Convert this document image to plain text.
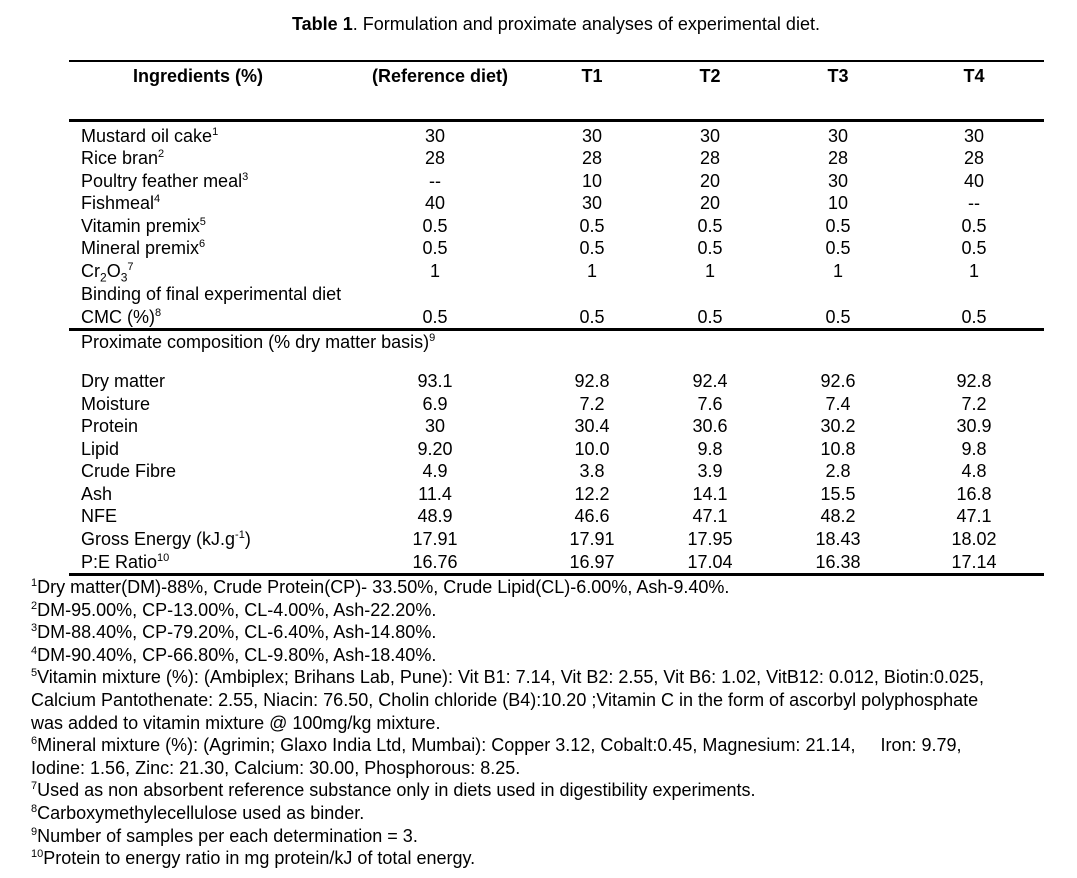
Table 1. Formulation and proximate analyses of experimental diet.
Ingredients (%)	(Reference diet)	T1	T2	T3	T4
Mustard oil cake$^1$	30	30	30	30	30
Rice bran$^2$	28	28	28	28	28
Poultry feather meal$^3$	--	10	20	30	40
Fishmeal$^4$	40	30	20	10	--
Vitamin premix$^5$	0.5	0.5	0.5	0.5	0.5
Mineral premix$^6$	0.5	0.5	0.5	0.5	0.5
$Cr_2O_3^7$	1	1	1	1	1
Binding of final experimental diet
CMC (%)$^8$	0.5	0.5	0.5	0.5	0.5
Proximate composition (% dry matter basis)$^9$
Dry matter	93.1	92.8	92.4	92.6	92.8
Moisture	6.9	7.2	7.6	7.4	7.2
Protein	30	30.4	30.6	30.2	30.9
Lipid	9.20	10.0	9.8	10.8	9.8
Crude Fibre	4.9	3.8	3.9	2.8	4.8
Ash	11.4	12.2	14.1	15.5	16.8
NFE	48.9	46.6	47.1	48.2	47.1
Gross Energy $(kJ.g^{-1})$	17.91	17.91	17.95	18.43	18.02
P:E Ratio$^{10}$	16.76	16.97	17.04	16.38	17.14
$^1$Dry matter(DM)-88%, Crude Protein(CP)- 33.50%, Crude Lipid(CL)-6.00%, Ash-9.40%.
$^2$DM-95.00%, CP-13.00%, CL-4.00%, Ash-22.20%.
$^3$DM-88.40%, CP-79.20%, CL-6.40%, Ash-14.80%.
$^4$DM-90.40%, CP-66.80%, CL-9.80%, Ash-18.40%.
$^5$Vitamin mixture (%): (Ambiplex; Brihans Lab, Pune): Vit B1: 7.14, Vit B2: 2.55, Vit B6: 1.02, VitB12: 0.012, Biotin:0.025,
Calcium Pantothenate: 2.55, Niacin: 76.50, Cholin chloride (B4):10.20 ;Vitamin C in the form of ascorbyl polyphosphate
was added to vitamin mixture @ 100mg/kg mixture.
$^6$Mineral mixture (%): (Agrimin; Glaxo India Ltd, Mumbai): Copper 3.12, Cobalt:0.45, Magnesium: 21.14,     Iron: 9.79,
Iodine: 1.56, Zinc: 21.30, Calcium: 30.00, Phosphorous: 8.25.
$^7$Used as non absorbent reference substance only in diets used in digestibility experiments.
$^8$Carboxymethylecellulose used as binder.
$^9$Number of samples per each determination = 3.
$^{10}$Protein to energy ratio in mg protein/kJ of total energy.
